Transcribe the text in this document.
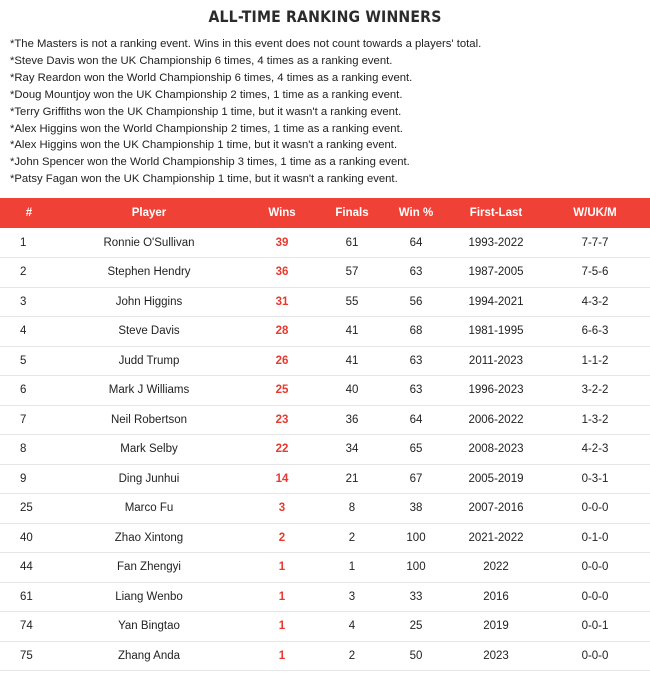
ALL-TIME RANKING WINNERS
*The Masters is not a ranking event. Wins in this event does not count towards a players' total.
*Steve Davis won the UK Championship 6 times, 4 times as a ranking event.
*Ray Reardon won the World Championship 6 times, 4 times as a ranking event.
*Doug Mountjoy won the UK Championship 2 times, 1 time as a ranking event.
*Terry Griffiths won the UK Championship 1 time, but it wasn't a ranking event.
*Alex Higgins won the World Championship 2 times, 1 time as a ranking event.
*Alex Higgins won the UK Championship 1 time, but it wasn't a ranking event.
*John Spencer won the World Championship 3 times, 1 time as a ranking event.
*Patsy Fagan won the UK Championship 1 time, but it wasn't a ranking event.
#	Player	Wins	Finals	Win %	First-Last	W/UK/M
1	Ronnie O'Sullivan	39	61	64	1993-2022	7-7-7
2	Stephen Hendry	36	57	63	1987-2005	7-5-6
3	John Higgins	31	55	56	1994-2021	4-3-2
4	Steve Davis	28	41	68	1981-1995	6-6-3
5	Judd Trump	26	41	63	2011-2023	1-1-2
6	Mark J Williams	25	40	63	1996-2023	3-2-2
7	Neil Robertson	23	36	64	2006-2022	1-3-2
8	Mark Selby	22	34	65	2008-2023	4-2-3
9	Ding Junhui	14	21	67	2005-2019	0-3-1
25	Marco Fu	3	8	38	2007-2016	0-0-0
40	Zhao Xintong	2	2	100	2021-2022	0-1-0
44	Fan Zhengyi	1	1	100	2022	0-0-0
61	Liang Wenbo	1	3	33	2016	0-0-0
74	Yan Bingtao	1	4	25	2019	0-0-1
75	Zhang Anda	1	2	50	2023	0-0-0
